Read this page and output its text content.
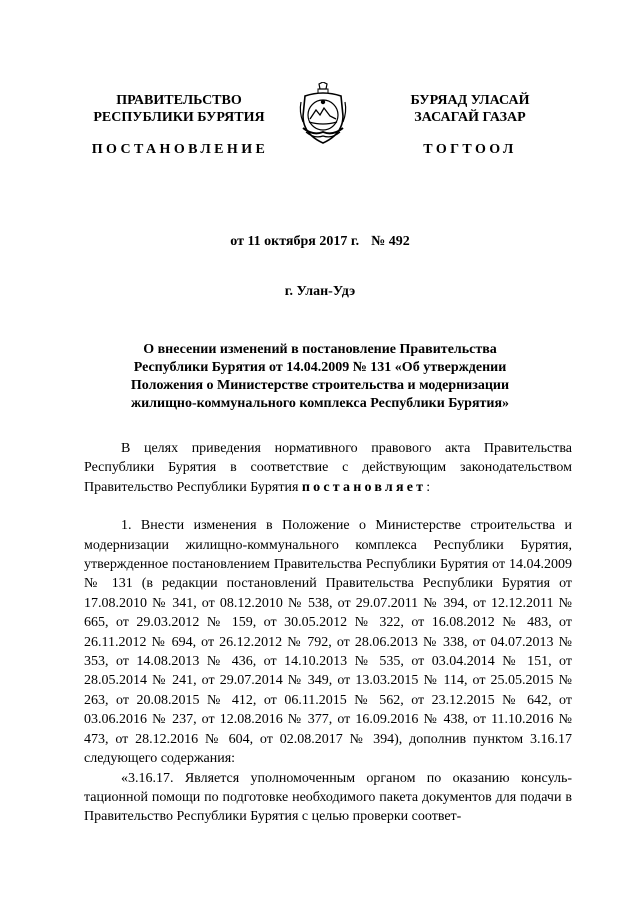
ПРАВИТЕЛЬСТВО
РЕСПУБЛИКИ БУРЯТИЯ
БУРЯАД УЛАСАЙ
ЗАСАГАЙ ГАЗАР
ПОСТАНОВЛЕНИЕ	ТОГТООЛ
от 11 октября 2017 г. № 492
г. Улан-Удэ
О внесении изменений в постановление Правительства
Республики Бурятия от 14.04.2009 № 131 «Об утверждении
Положения о Министерстве строительства и модернизации
жилищно-коммунального комплекса Республики Бурятия»

В целях приведения нормативного правового акта Правительства Республики Бурятия в соответствие с действующим законодательством Правительство Республики Бурятия постановляет:

1. Внести изменения в Положение о Министерстве строительства и модернизации жилищно-коммунального комплекса Республики Бурятия, утвержденное постановлением Правительства Республики Бурятия от 14.04.2009 № 131 (в редакции постановлений Правительства Республики Бурятия от 17.08.2010 № 341, от 08.12.2010 № 538, от 29.07.2011 № 394, от 12.12.2011 № 665, от 29.03.2012 № 159, от 30.05.2012 № 322, от 16.08.2012 № 483, от 26.11.2012 № 694, от 26.12.2012 № 792, от 28.06.2013 № 338, от 04.07.2013 № 353, от 14.08.2013 № 436, от 14.10.2013 № 535, от 03.04.2014 № 151, от 28.05.2014 № 241, от 29.07.2014 № 349, от 13.03.2015 № 114, от 25.05.2015 № 263, от 20.08.2015 № 412, от 06.11.2015 № 562, от 23.12.2015 № 642, от 03.06.2016 № 237, от 12.08.2016 № 377, от 16.09.2016 № 438, от 11.10.2016 № 473, от 28.12.2016 № 604, от 02.08.2017 № 394), дополнив пунктом 3.16.17 следующего содержания:

«3.16.17. Является уполномоченным органом по оказанию консуль-тационной помощи по подготовке необходимого пакета документов для подачи в Правительство Республики Бурятия с целью проверки соответ-
